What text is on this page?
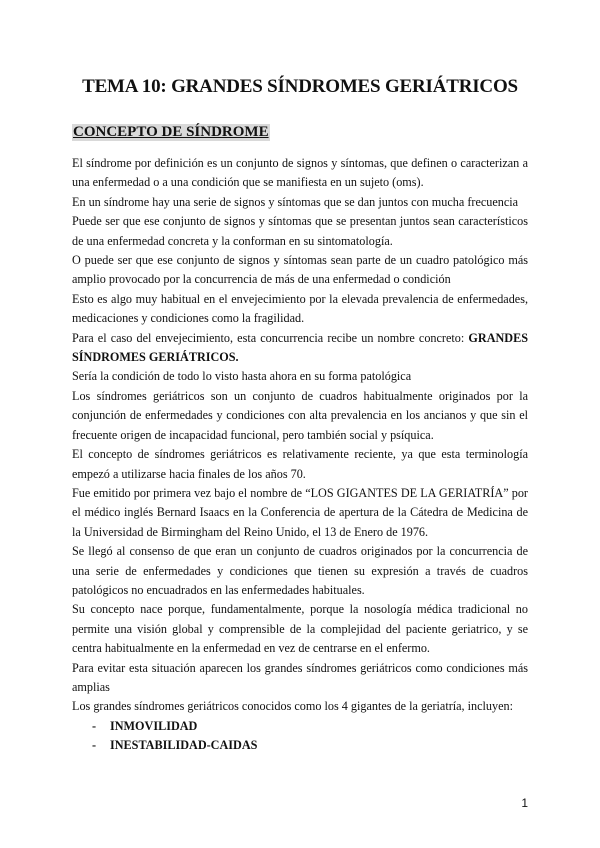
TEMA 10: GRANDES SÍNDROMES GERIÁTRICOS
CONCEPTO DE SÍNDROME

El síndrome por definición es un conjunto de signos y síntomas, que definen o caracterizan a una enfermedad o a una condición que se manifiesta en un sujeto (oms).

En un síndrome hay una serie de signos y síntomas que se dan juntos con mucha frecuencia

Puede ser que ese conjunto de signos y síntomas que se presentan juntos sean característicos de una enfermedad concreta y la conforman en su sintomatología.

O puede ser que ese conjunto de signos y síntomas sean parte de un cuadro patológico más amplio provocado por la concurrencia de más de una enfermedad o condición

Esto es algo muy habitual en el envejecimiento por la elevada prevalencia de enfermedades, medicaciones y condiciones como la fragilidad.

Para el caso del envejecimiento, esta concurrencia recibe un nombre concreto: GRANDES SÍNDROMES GERIÁTRICOS.

Sería la condición de todo lo visto hasta ahora en su forma patológica

Los síndromes geriátricos son un conjunto de cuadros habitualmente originados por la conjunción de enfermedades y condiciones con alta prevalencia en los ancianos y que sin el frecuente origen de incapacidad funcional, pero también social y psíquica.

El concepto de síndromes geriátricos es relativamente reciente, ya que esta terminología empezó a utilizarse hacia finales de los años 70.

Fue emitido por primera vez bajo el nombre de “LOS GIGANTES DE LA GERIATRÍA” por el médico inglés Bernard Isaacs en la Conferencia de apertura de la Cátedra de Medicina de la Universidad de Birmingham del Reino Unido, el 13 de Enero de 1976.

Se llegó al consenso de que eran un conjunto de cuadros originados por la concurrencia de una serie de enfermedades y condiciones que tienen su expresión a través de cuadros patológicos no encuadrados en las enfermedades habituales.

Su concepto nace porque, fundamentalmente, porque la nosología médica tradicional no permite una visión global y comprensible de la complejidad del paciente geriatrico, y se centra habitualmente en la enfermedad en vez de centrarse en el enfermo.

Para evitar esta situación aparecen los grandes síndromes geriátricos como condiciones más amplias

Los grandes síndromes geriátricos conocidos como los 4 gigantes de la geriatría, incluyen:

- INMOVILIDAD
- INESTABILIDAD-CAIDAS
1
